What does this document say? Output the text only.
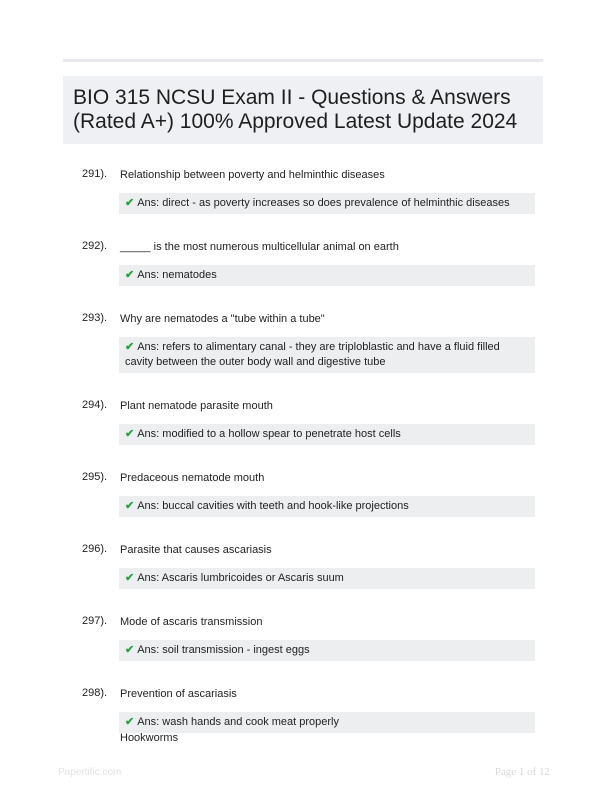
BIO 315 NCSU Exam II - Questions & Answers (Rated A+) 100% Approved Latest Update 2024
291). Relationship between poverty and helminthic diseases
✔ Ans: direct - as poverty increases so does prevalence of helminthic diseases
292). _____ is the most numerous multicellular animal on earth
✔ Ans: nematodes
293). Why are nematodes a "tube within a tube"
✔ Ans: refers to alimentary canal - they are triploblastic and have a fluid filled cavity between the outer body wall and digestive tube
294). Plant nematode parasite mouth
✔ Ans: modified to a hollow spear to penetrate host cells
295). Predaceous nematode mouth
✔ Ans: buccal cavities with teeth and hook-like projections
296). Parasite that causes ascariasis
✔ Ans: Ascaris lumbricoides or Ascaris suum
297). Mode of ascaris transmission
✔ Ans: soil transmission - ingest eggs
298). Prevention of ascariasis
✔ Ans: wash hands and cook meat properly
Hookworms
Papertific.com	Page 1 of 12
